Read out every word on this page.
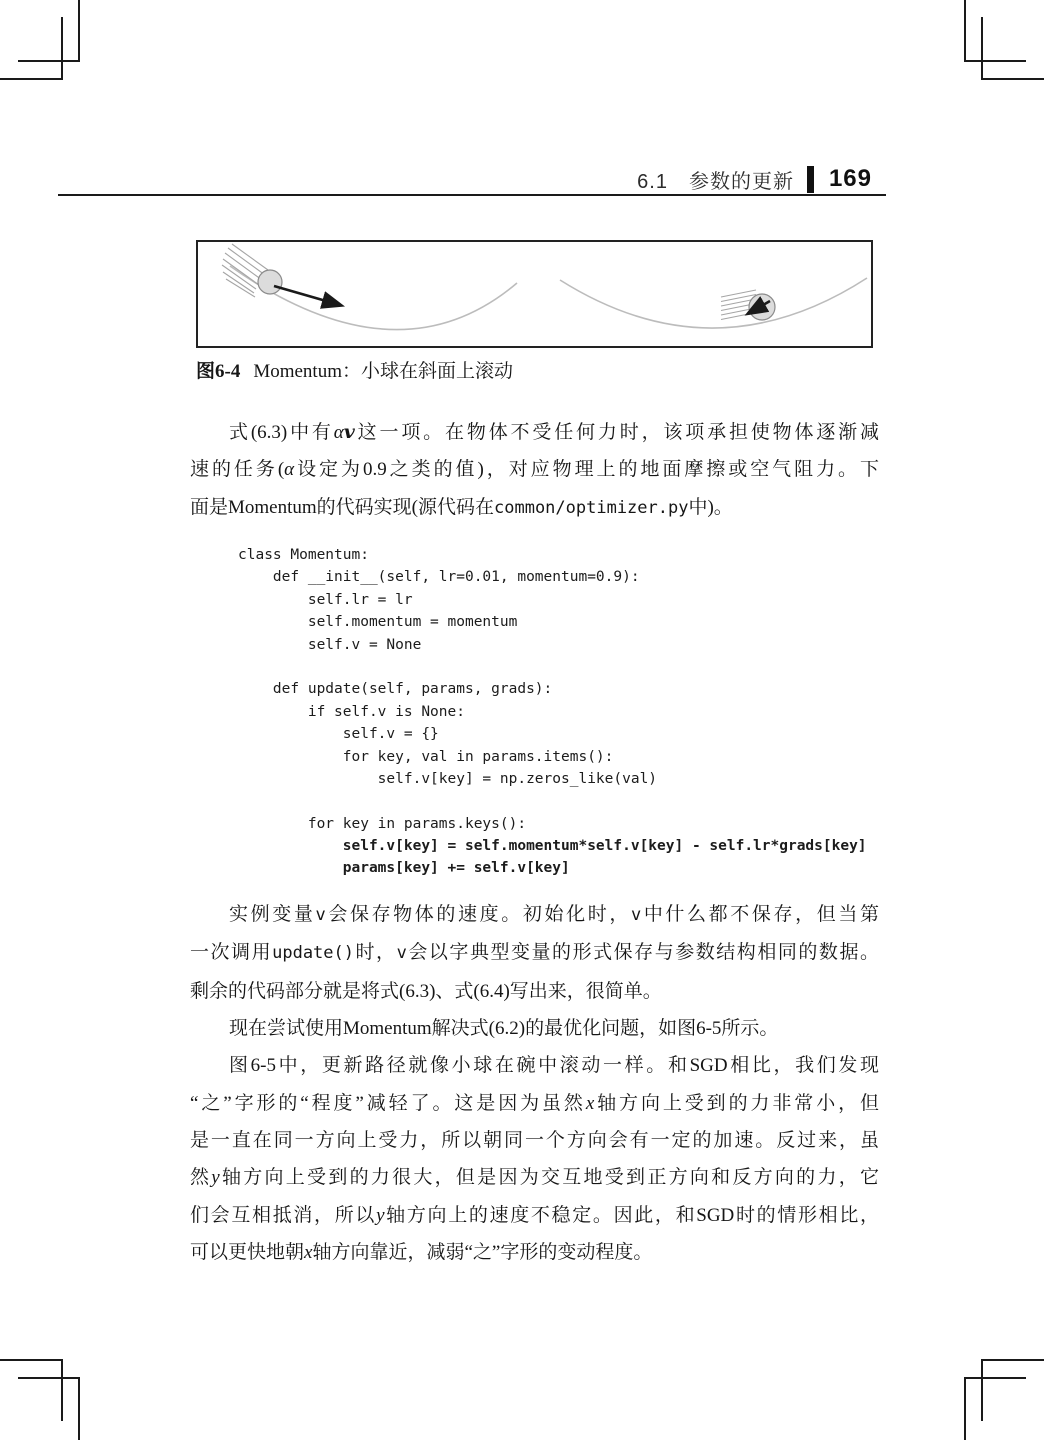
6.1　参数的更新 169
图6-4 Momentum：小球在斜面上滚动
式(6.3)中有αv这一项。在物体不受任何力时，该项承担使物体逐渐减
速的任务(α设定为0.9之类的值)，对应物理上的地面摩擦或空气阻力。下
面是Momentum的代码实现(源代码在common/optimizer.py中)。
class Momentum:
def __init__(self, lr=0.01, momentum=0.9):
self.lr = lr
self.momentum = momentum
self.v = None

def update(self, params, grads):
if self.v is None:
self.v = {}
for key, val in params.items():
self.v[key] = np.zeros_like(val)

for key in params.keys():
self.v[key] = self.momentum*self.v[key] - self.lr*grads[key]
params[key] += self.v[key]
实例变量v会保存物体的速度。初始化时，v中什么都不保存，但当第
一次调用update()时，v会以字典型变量的形式保存与参数结构相同的数据。
剩余的代码部分就是将式(6.3)、式(6.4)写出来，很简单。
现在尝试使用Momentum解决式(6.2)的最优化问题，如图6-5所示。
图6-5中，更新路径就像小球在碗中滚动一样。和SGD相比，我们发现
“之”字形的“程度”减轻了。这是因为虽然x轴方向上受到的力非常小，但
是一直在同一方向上受力，所以朝同一个方向会有一定的加速。反过来，虽
然y轴方向上受到的力很大，但是因为交互地受到正方向和反方向的力，它
们会互相抵消，所以y轴方向上的速度不稳定。因此，和SGD时的情形相比，
可以更快地朝x轴方向靠近，减弱“之”字形的变动程度。
